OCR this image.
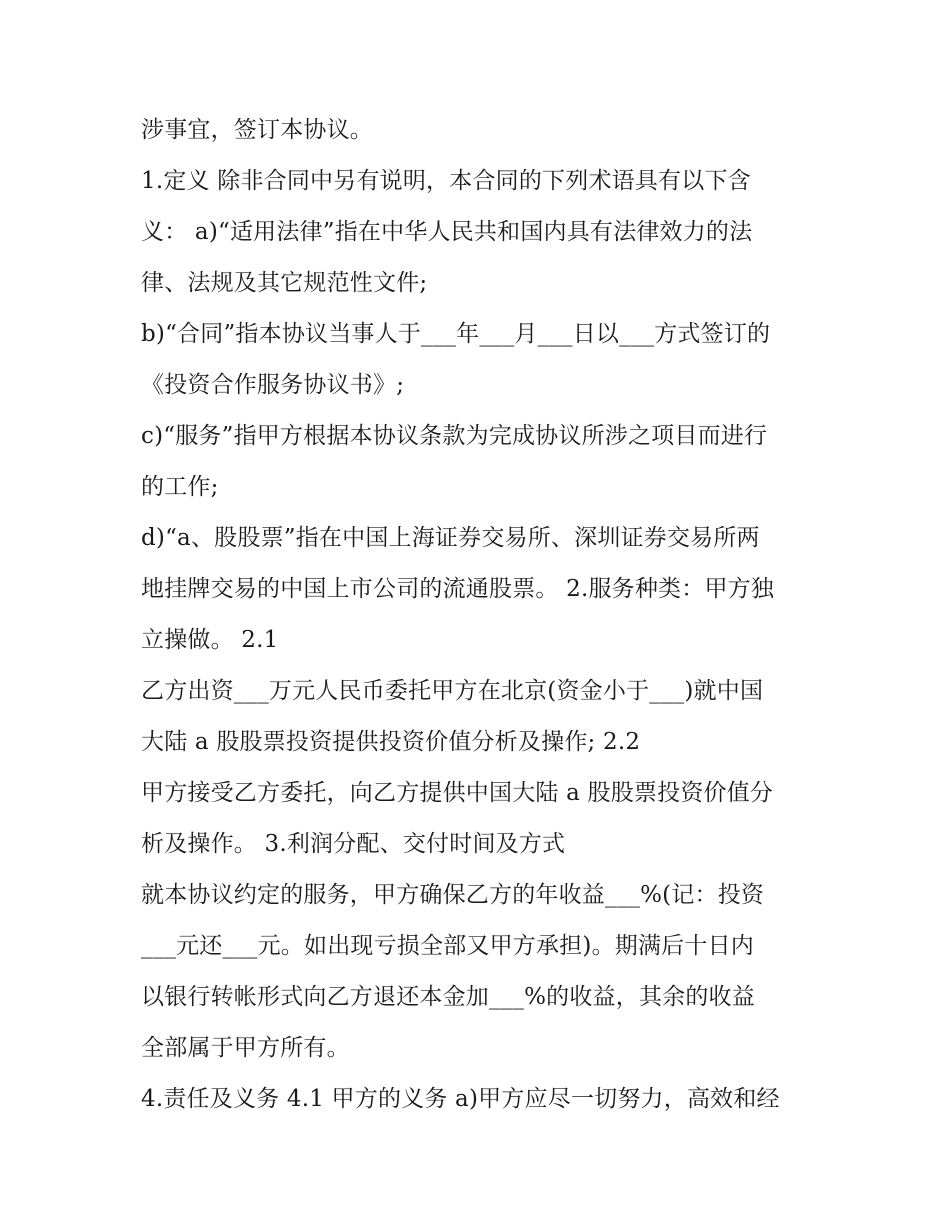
涉事宜，签订本协议。
1.定义 除非合同中另有说明，本合同的下列术语具有以下含
义： a)“适用法律”指在中华人民共和国内具有法律效力的法
律、法规及其它规范性文件;
b)“合同”指本协议当事人于___年___月___日以___方式签订的
《投资合作服务协议书》;
c)“服务”指甲方根据本协议条款为完成协议所涉之项目而进行
的工作;
d)“a、股股票”指在中国上海证券交易所、深圳证券交易所两
地挂牌交易的中国上市公司的流通股票。 2.服务种类：甲方独
立操做。 2.1
乙方出资___万元人民币委托甲方在北京(资金小于___)就中国
大陆 a 股股票投资提供投资价值分析及操作; 2.2
甲方接受乙方委托，向乙方提供中国大陆 a 股股票投资价值分
析及操作。 3.利润分配、交付时间及方式
就本协议约定的服务，甲方确保乙方的年收益___%(记：投资
___元还___元。如出现亏损全部又甲方承担)。期满后十日内
以银行转帐形式向乙方退还本金加___%的收益，其余的收益
全部属于甲方所有。
4.责任及义务 4.1 甲方的义务 a)甲方应尽一切努力，高效和经
